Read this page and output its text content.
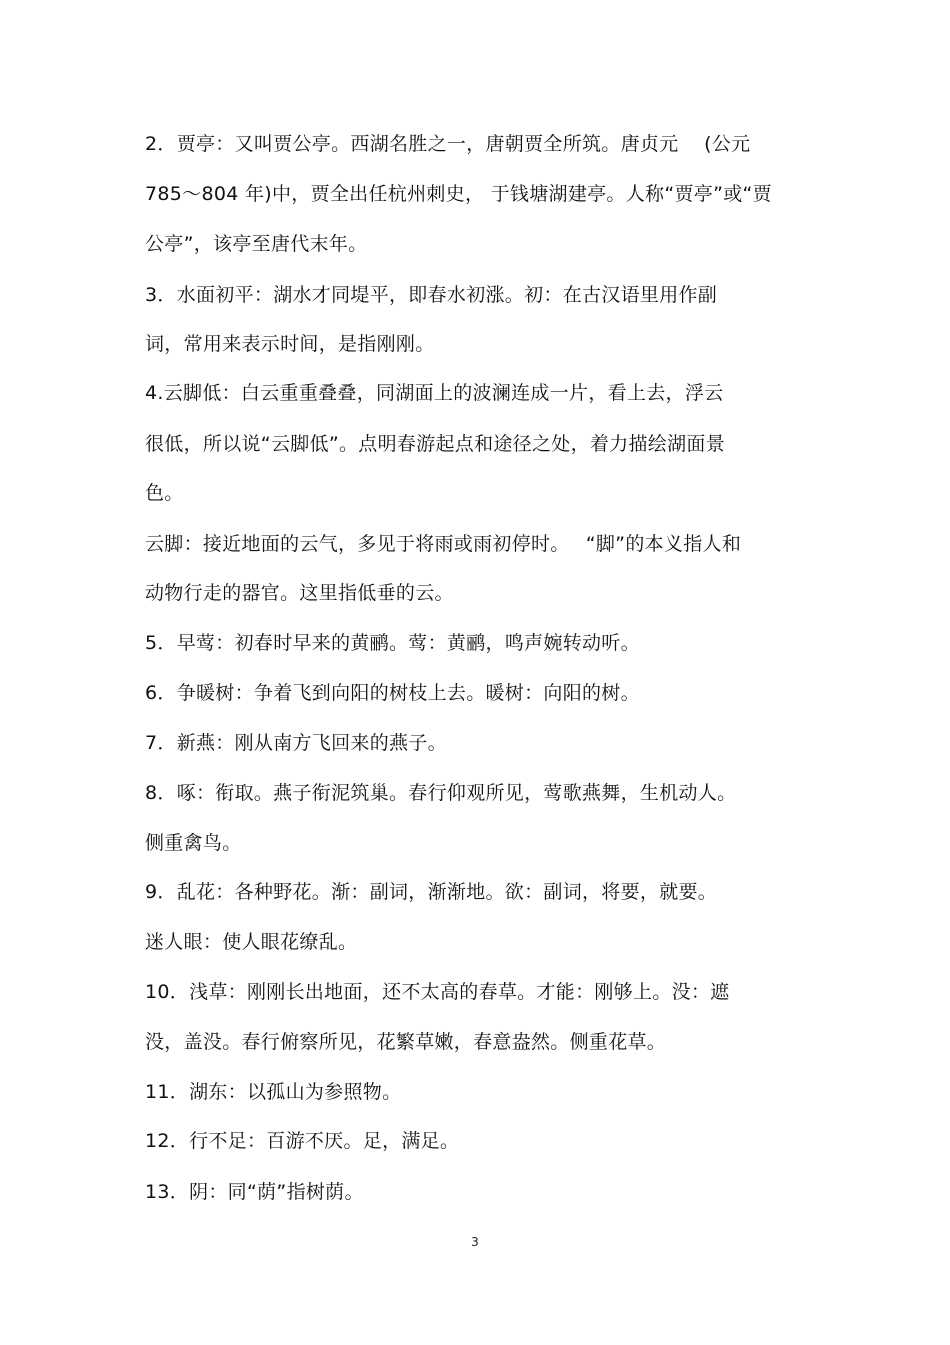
2．贾亭：又叫贾公亭。西湖名胜之一，唐朝贾全所筑。唐贞元　 (公元
785～804 年)中，贾全出任杭州刺史， 于钱塘湖建亭。人称“贾亭”或“贾
公亭”，该亭至唐代末年。
3．水面初平：湖水才同堤平，即春水初涨。初：在古汉语里用作副
词，常用来表示时间，是指刚刚。
4.云脚低：白云重重叠叠，同湖面上的波澜连成一片，看上去，浮云
很低，所以说“云脚低”。点明春游起点和途径之处，着力描绘湖面景
色。
云脚：接近地面的云气，多见于将雨或雨初停时。　 “脚”的本义指人和
动物行走的器官。这里指低垂的云。
5．早莺：初春时早来的黄鹂。莺：黄鹂，鸣声婉转动听。
6．争暖树：争着飞到向阳的树枝上去。暖树：向阳的树。
7．新燕：刚从南方飞回来的燕子。
8．啄：衔取。燕子衔泥筑巢。春行仰观所见，莺歌燕舞，生机动人。
侧重禽鸟。
9．乱花：各种野花。渐：副词，渐渐地。欲：副词，将要，就要。
迷人眼：使人眼花缭乱。
10．浅草：刚刚长出地面，还不太高的春草。才能：刚够上。没：遮
没，盖没。春行俯察所见，花繁草嫩，春意盎然。侧重花草。
11．湖东：以孤山为参照物。
12．行不足：百游不厌。足，满足。
13．阴：同“荫”指树荫。
3
